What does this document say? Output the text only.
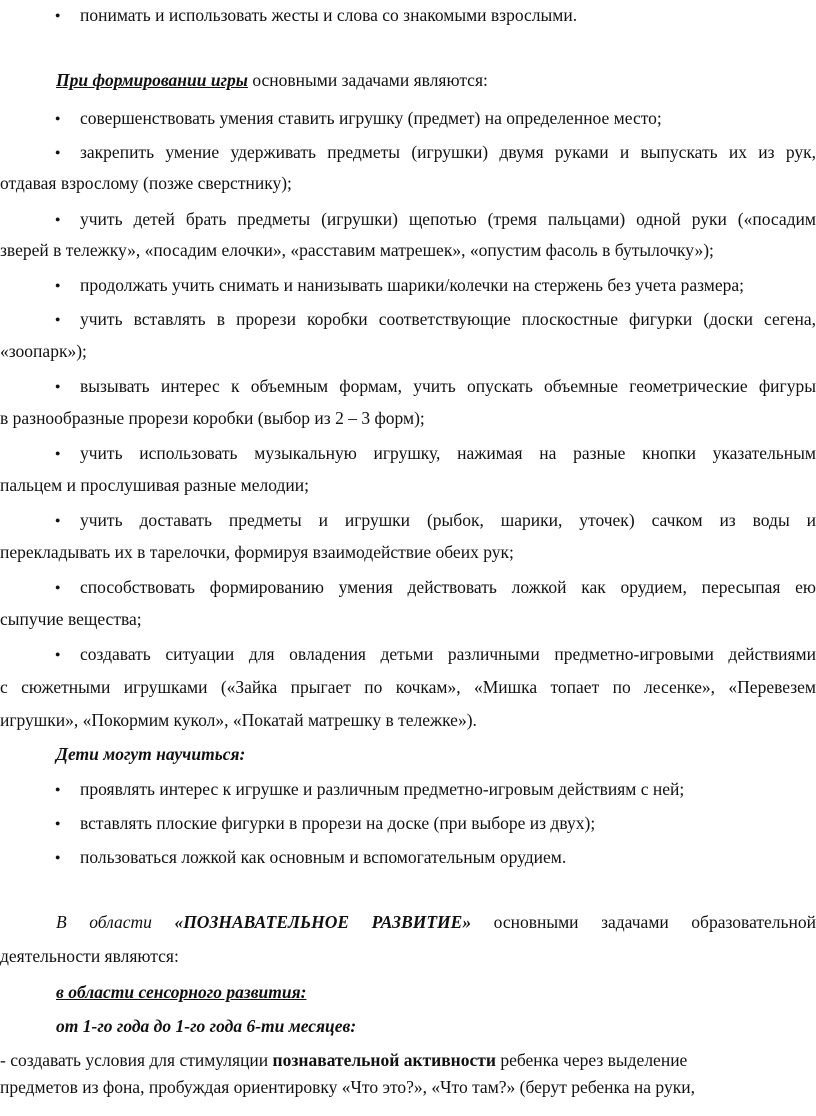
● понимать и использовать жесты и слова со знакомыми взрослыми.
При формировании игры основными задачами являются:
● совершенствовать умения ставить игрушку (предмет) на определенное место;
● закрепить умение удерживать предметы (игрушки) двумя руками и выпускать их из рук,
отдавая взрослому (позже сверстнику);
● учить детей брать предметы (игрушки) щепотью (тремя пальцами) одной руки («посадим
зверей в тележку», «посадим елочки», «расставим матрешек», «опустим фасоль в бутылочку»);
● продолжать учить снимать и нанизывать шарики/колечки на стержень без учета размера;
● учить вставлять в прорези коробки соответствующие плоскостные фигурки (доски сегена,
«зоопарк»);
● вызывать интерес к объемным формам, учить опускать объемные геометрические фигуры
в разнообразные прорези коробки (выбор из 2 – 3 форм);
● учить использовать музыкальную игрушку, нажимая на разные кнопки указательным
пальцем и прослушивая разные мелодии;
● учить доставать предметы и игрушки (рыбок, шарики, уточек) сачком из воды и
перекладывать их в тарелочки, формируя взаимодействие обеих рук;
● способствовать формированию умения действовать ложкой как орудием, пересыпая ею
сыпучие вещества;
● создавать ситуации для овладения детьми различными предметно-игровыми действиями
с сюжетными игрушками («Зайка прыгает по кочкам», «Мишка топает по лесенке», «Перевезем
игрушки», «Покормим кукол», «Покатай матрешку в тележке»).
Дети могут научиться:
● проявлять интерес к игрушке и различным предметно-игровым действиям с ней;
● вставлять плоские фигурки в прорези на доске (при выборе из двух);
● пользоваться ложкой как основным и вспомогательным орудием.
В области «ПОЗНАВАТЕЛЬНОЕ РАЗВИТИЕ» основными задачами образовательной
деятельности являются:
в области сенсорного развития:
от 1-го года до 1-го года 6-ти месяцев:
- создавать условия для стимуляции познавательной активности ребенка через выделение
предметов из фона, пробуждая ориентировку «Что это?», «Что там?» (берут ребенка на руки,
